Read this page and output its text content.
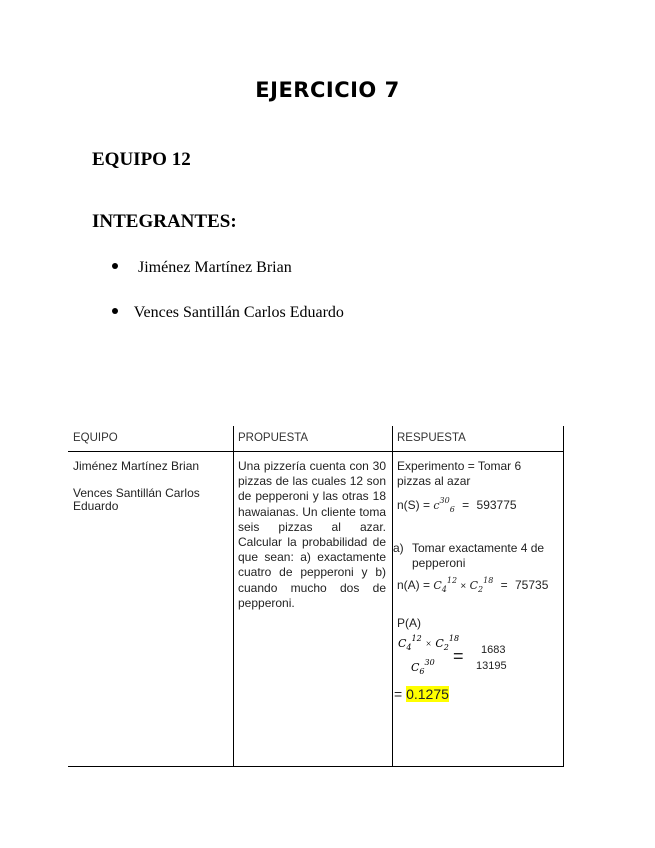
EJERCICIO 7
EQUIPO 12
INTEGRANTES:
Jiménez Martínez Brian
Vences Santillán Carlos Eduardo
EQUIPO	PROPUESTA	RESPUESTA
Jiménez Martínez Brian
Vences Santillán Carlos Eduardo
Una pizzería cuenta con 30 pizzas de las cuales 12 son de pepperoni y las otras 18 hawaianas. Un cliente toma seis pizzas al azar. Calcular la probabilidad de que sean: a) exactamente cuatro de pepperoni y b) cuando mucho dos de pepperoni.
Experimento = Tomar 6 pizzas al azar
$n(S) = c^{30}_6 = 593775$
a) Tomar exactamente 4 de pepperoni
$n(A) = C_4^{12} \times C_2^{18} = 75735$
P(A)
$C_4^{12} \times C_2^{18}$
$C_6^{30} = 1683$
13195
= 0.1275
